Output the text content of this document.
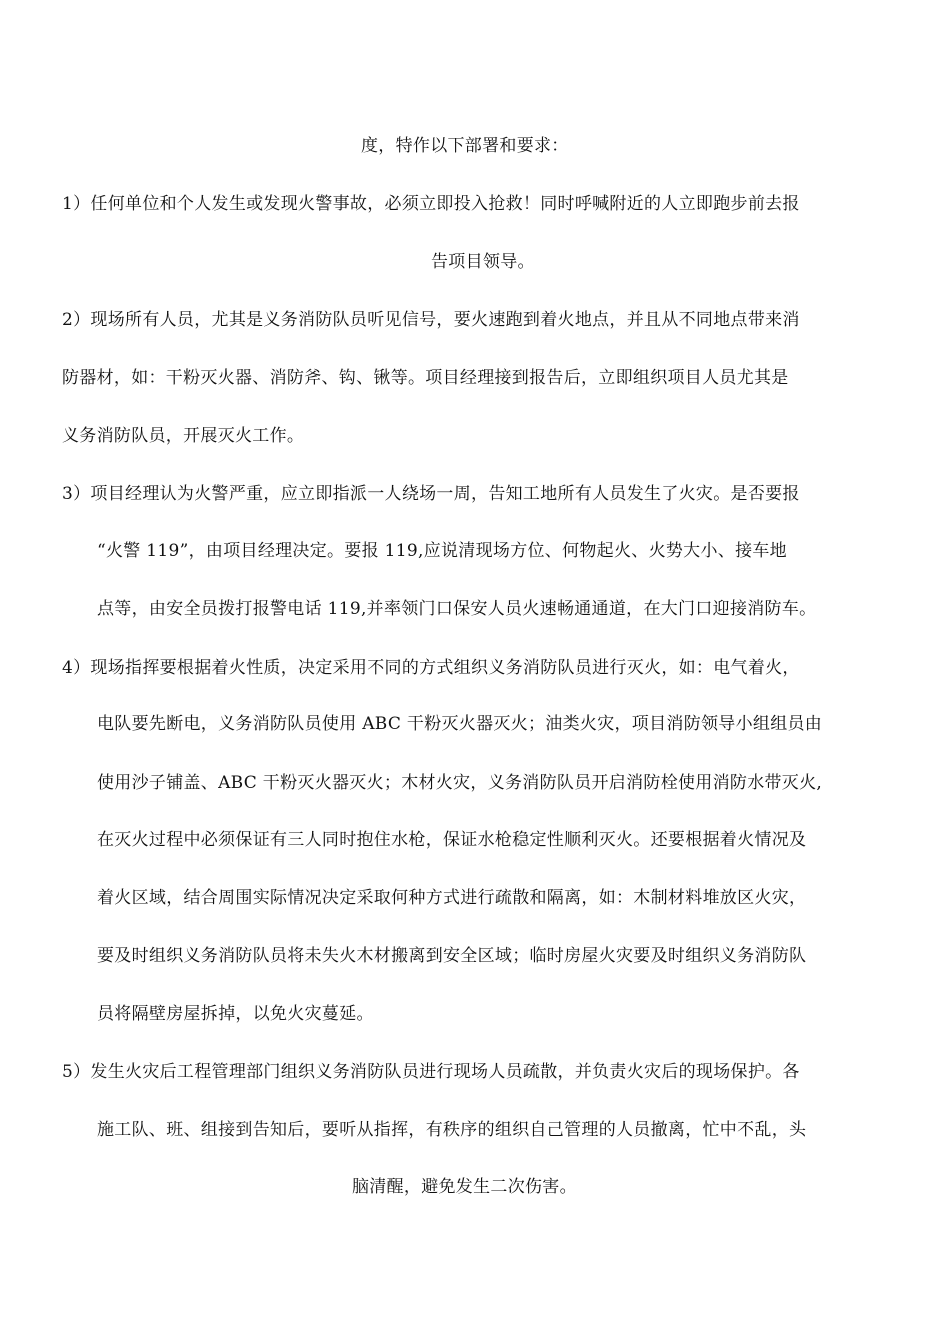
度，特作以下部署和要求：
1）任何单位和个人发生或发现火警事故，必须立即投入抢救！同时呼喊附近的人立即跑步前去报
告项目领导。
2）现场所有人员，尤其是义务消防队员听见信号，要火速跑到着火地点，并且从不同地点带来消
防器材，如：干粉灭火器、消防斧、钩、锹等。项目经理接到报告后，立即组织项目人员尤其是
义务消防队员，开展灭火工作。
3）项目经理认为火警严重，应立即指派一人绕场一周，告知工地所有人员发生了火灾。是否要报
“火警 119”，由项目经理决定。要报 119,应说清现场方位、何物起火、火势大小、接车地
点等，由安全员拨打报警电话 119,并率领门口保安人员火速畅通通道，在大门口迎接消防车。
4）现场指挥要根据着火性质，决定采用不同的方式组织义务消防队员进行灭火，如：电气着火，
电队要先断电，义务消防队员使用 ABC 干粉灭火器灭火；油类火灾，项目消防领导小组组员由
使用沙子铺盖、ABC 干粉灭火器灭火；木材火灾，义务消防队员开启消防栓使用消防水带灭火,
在灭火过程中必须保证有三人同时抱住水枪，保证水枪稳定性顺利灭火。还要根据着火情况及
着火区域，结合周围实际情况决定采取何种方式进行疏散和隔离，如：木制材料堆放区火灾，
要及时组织义务消防队员将未失火木材搬离到安全区域；临时房屋火灾要及时组织义务消防队
员将隔壁房屋拆掉，以免火灾蔓延。
5）发生火灾后工程管理部门组织义务消防队员进行现场人员疏散，并负责火灾后的现场保护。各
施工队、班、组接到告知后，要听从指挥，有秩序的组织自己管理的人员撤离，忙中不乱，头
脑清醒，避免发生二次伤害。
